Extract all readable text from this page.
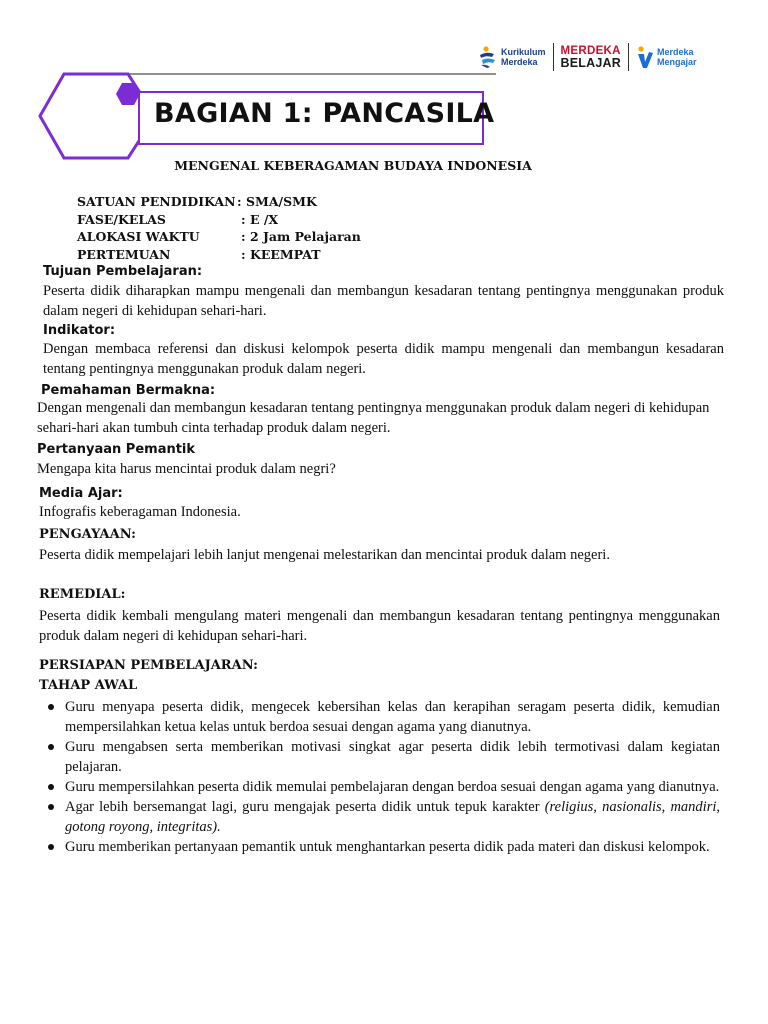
Kurikulum
Merdeka
MERDEKA
BELAJAR
Merdeka
Mengajar
BAGIAN 1: PANCASILA
MENGENAL KEBERAGAMAN BUDAYA INDONESIA
SATUAN PENDIDIKAN : SMA/SMK
FASE/KELAS	: E /X
ALOKASI WAKTU	: 2 Jam Pelajaran
PERTEMUAN	: KEEMPAT
Tujuan Pembelajaran:
Peserta didik diharapkan mampu mengenali dan membangun kesadaran tentang pentingnya menggunakan produk dalam negeri di kehidupan sehari-hari.
Indikator:
Dengan membaca referensi dan diskusi kelompok peserta didik mampu mengenali dan membangun kesadaran tentang pentingnya menggunakan produk dalam negeri.
Pemahaman Bermakna:
Dengan mengenali dan membangun kesadaran tentang pentingnya menggunakan produk dalam negeri di kehidupan sehari-hari akan tumbuh cinta terhadap produk dalam negeri.
Pertanyaan Pemantik
Mengapa kita harus mencintai produk dalam negri?
Media Ajar:
Infografis keberagaman Indonesia.
PENGAYAAN:
Peserta didik mempelajari lebih lanjut mengenai melestarikan dan mencintai produk dalam negeri.
REMEDIAL:
Peserta didik kembali mengulang materi mengenali dan membangun kesadaran tentang pentingnya menggunakan produk dalam negeri di kehidupan sehari-hari.
PERSIAPAN PEMBELAJARAN:
TAHAP AWAL
Guru menyapa peserta didik, mengecek kebersihan kelas dan kerapihan seragam peserta didik, kemudian mempersilahkan ketua kelas untuk berdoa sesuai dengan agama yang dianutnya.
Guru mengabsen serta memberikan motivasi singkat agar peserta didik lebih termotivasi dalam kegiatan pelajaran.
Guru mempersilahkan peserta didik memulai pembelajaran dengan berdoa sesuai dengan agama yang dianutnya.
Agar lebih bersemangat lagi, guru mengajak peserta didik untuk tepuk karakter (religius, nasionalis, mandiri, gotong royong, integritas).
Guru memberikan pertanyaan pemantik untuk menghantarkan peserta didik pada materi dan diskusi kelompok.
